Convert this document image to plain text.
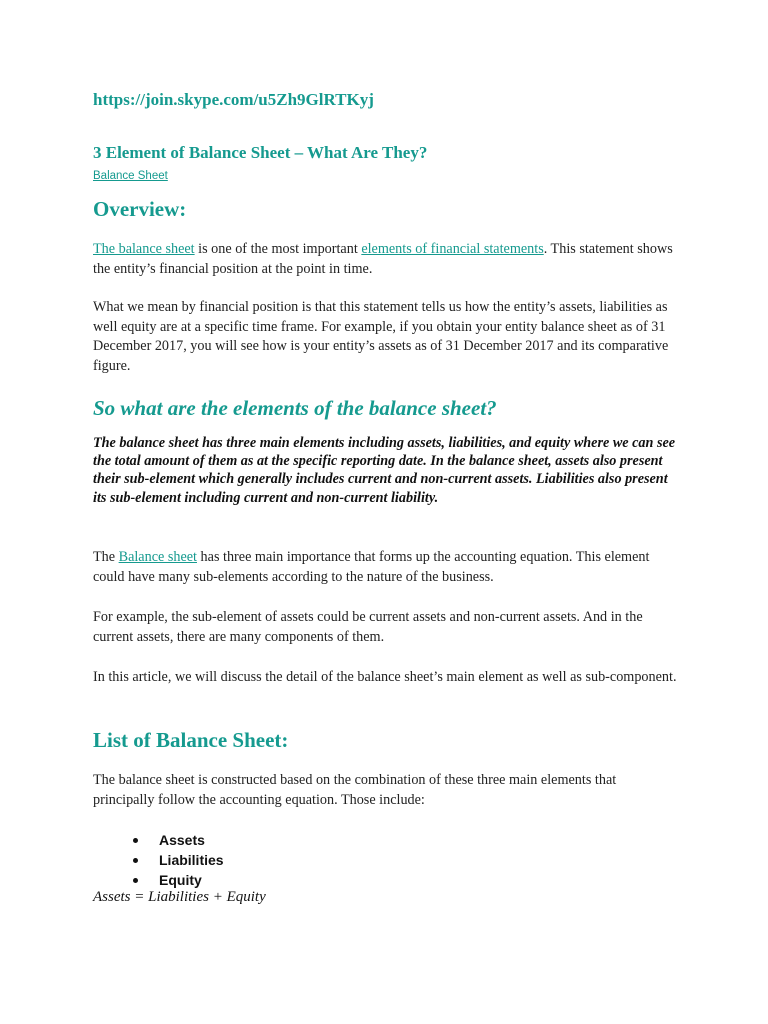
https://join.skype.com/u5Zh9GlRTKyj
3 Element of Balance Sheet – What Are They?
Balance Sheet
Overview:

The balance sheet is one of the most important elements of financial statements. This statement shows the entity’s financial position at the point in time.

What we mean by financial position is that this statement tells us how the entity’s assets, liabilities as well equity are at a specific time frame. For example, if you obtain your entity balance sheet as of 31 December 2017, you will see how is your entity’s assets as of 31 December 2017 and its comparative figure.

So what are the elements of the balance sheet?

The balance sheet has three main elements including assets, liabilities, and equity where we can see the total amount of them as at the specific reporting date. In the balance sheet, assets also present their sub-element which generally includes current and non-current assets. Liabilities also present its sub-element including current and non-current liability.

The Balance sheet has three main importance that forms up the accounting equation. This element could have many sub-elements according to the nature of the business.

For example, the sub-element of assets could be current assets and non-current assets. And in the current assets, there are many components of them.

In this article, we will discuss the detail of the balance sheet’s main element as well as sub-component.

List of Balance Sheet:

The balance sheet is constructed based on the combination of these three main elements that principally follow the accounting equation. Those include:

Assets
Liabilities
Equity
Assets = Liabilities + Equity
